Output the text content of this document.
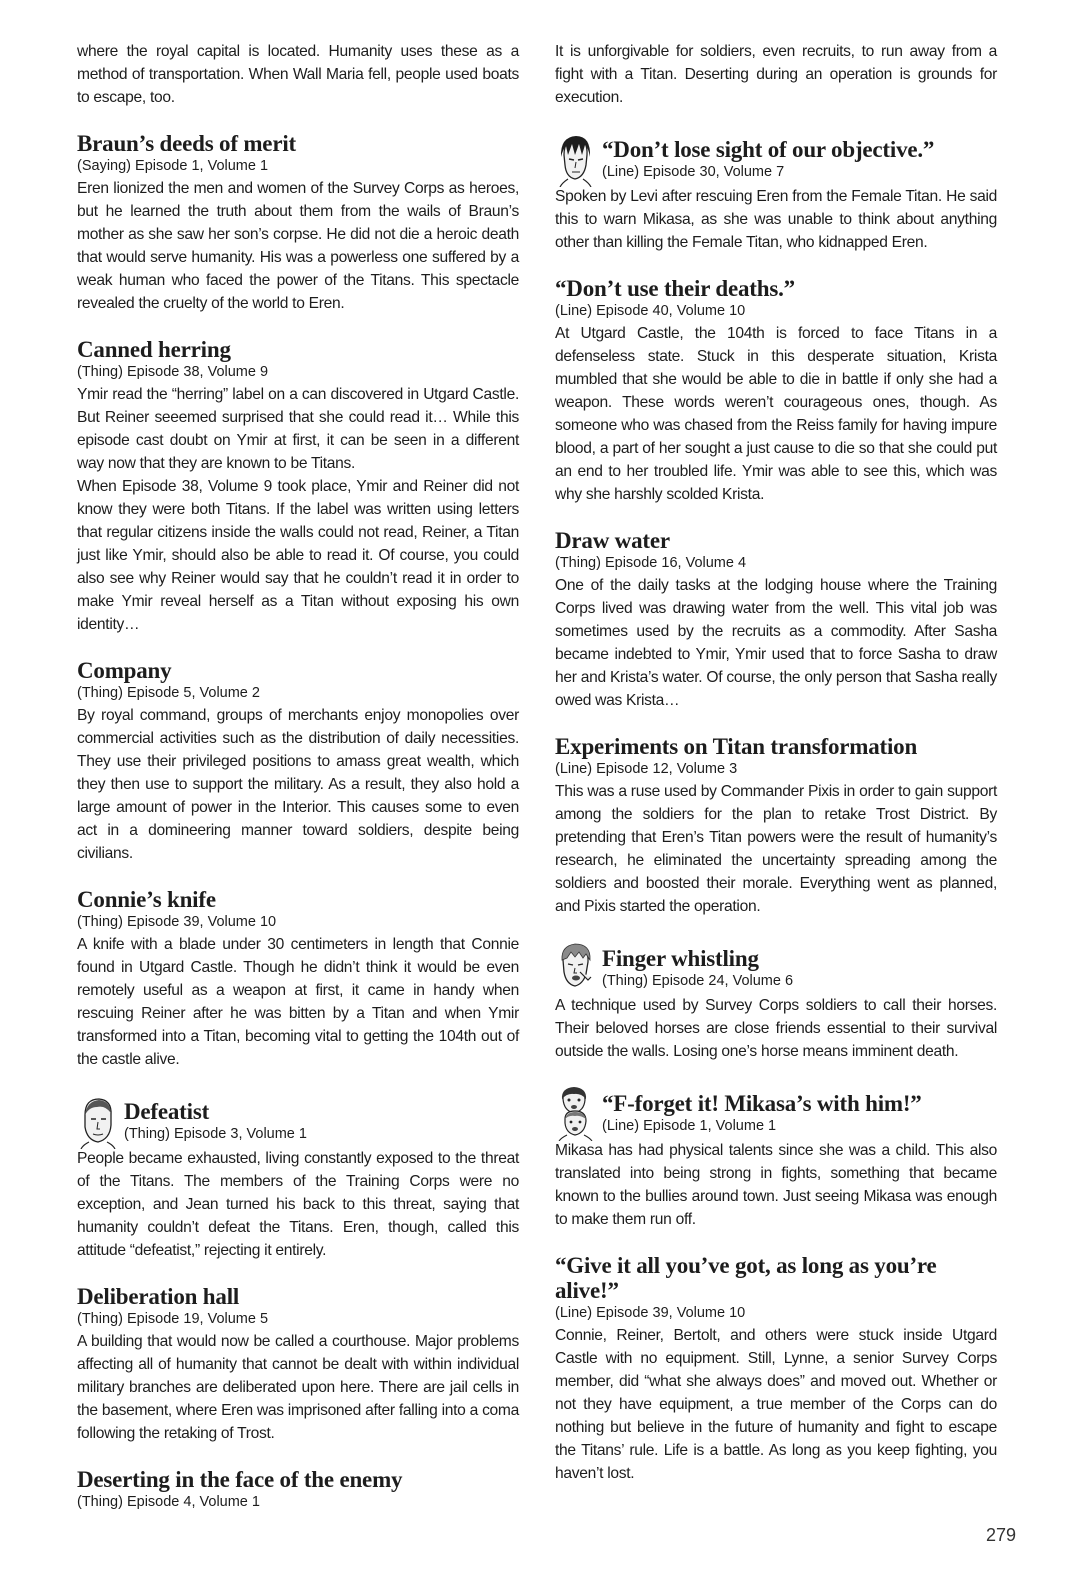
where the royal capital is located. Humanity uses these as a method of transportation. When Wall Maria fell, people used boats to escape, too.

Braun’s deeds of merit
(Saying) Episode 1, Volume 1

Eren lionized the men and women of the Survey Corps as heroes, but he learned the truth about them from the wails of Braun’s mother as she saw her son’s corpse. He did not die a heroic death that would serve humanity. His was a powerless one suffered by a weak human who faced the power of the Titans. This spectacle revealed the cruelty of the world to Eren.

Canned herring
(Thing) Episode 38, Volume 9

Ymir read the “herring” label on a can discovered in Utgard Castle. But Reiner seeemed surprised that she could read it… While this episode cast doubt on Ymir at first, it can be seen in a different way now that they are known to be Titans.

When Episode 38, Volume 9 took place, Ymir and Reiner did not know they were both Titans. If the label was written using letters that regular citizens inside the walls could not read, Reiner, a Titan just like Ymir, should also be able to read it. Of course, you could also see why Reiner would say that he couldn’t read it in order to make Ymir reveal herself as a Titan without exposing his own identity…

Company
(Thing) Episode 5, Volume 2

By royal command, groups of merchants enjoy monopolies over commercial activities such as the distribution of daily necessities. They use their privileged positions to amass great wealth, which they then use to support the military. As a result, they also hold a large amount of power in the Interior. This causes some to even act in a domineering manner toward soldiers, despite being civilians.

Connie’s knife
(Thing) Episode 39, Volume 10

A knife with a blade under 30 centimeters in length that Connie found in Utgard Castle. Though he didn’t think it would be even remotely useful as a weapon at first, it came in handy when rescuing Reiner after he was bitten by a Titan and when Ymir transformed into a Titan, becoming vital to getting the 104th out of the castle alive.

Defeatist
(Thing) Episode 3, Volume 1

People became exhausted, living constantly exposed to the threat of the Titans. The members of the Training Corps were no exception, and Jean turned his back to this threat, saying that humanity couldn’t defeat the Titans. Eren, though, called this attitude “defeatist,” rejecting it entirely.

Deliberation hall
(Thing) Episode 19, Volume 5

A building that would now be called a courthouse. Major problems affecting all of humanity that cannot be dealt with within individual military branches are deliberated upon here. There are jail cells in the basement, where Eren was imprisoned after falling into a coma following the retaking of Trost.

Deserting in the face of the enemy
(Thing) Episode 4, Volume 1

It is unforgivable for soldiers, even recruits, to run away from a fight with a Titan. Deserting during an operation is grounds for execution.

“Don’t lose sight of our objective.”
(Line) Episode 30, Volume 7

Spoken by Levi after rescuing Eren from the Female Titan. He said this to warn Mikasa, as she was unable to think about anything other than killing the Female Titan, who kidnapped Eren.

“Don’t use their deaths.”
(Line) Episode 40, Volume 10

At Utgard Castle, the 104th is forced to face Titans in a defenseless state. Stuck in this desperate situation, Krista mumbled that she would be able to die in battle if only she had a weapon. These words weren’t courageous ones, though. As someone who was chased from the Reiss family for having impure blood, a part of her sought a just cause to die so that she could put an end to her troubled life. Ymir was able to see this, which was why she harshly scolded Krista.

Draw water
(Thing) Episode 16, Volume 4

One of the daily tasks at the lodging house where the Training Corps lived was drawing water from the well. This vital job was sometimes used by the recruits as a commodity. After Sasha became indebted to Ymir, Ymir used that to force Sasha to draw her and Krista’s water. Of course, the only person that Sasha really owed was Krista…

Experiments on Titan transformation
(Line) Episode 12, Volume 3

This was a ruse used by Commander Pixis in order to gain support among the soldiers for the plan to retake Trost District. By pretending that Eren’s Titan powers were the result of humanity’s research, he eliminated the uncertainty spreading among the soldiers and boosted their morale. Everything went as planned, and Pixis started the operation.

Finger whistling
(Thing) Episode 24, Volume 6

A technique used by Survey Corps soldiers to call their horses. Their beloved horses are close friends essential to their survival outside the walls. Losing one’s horse means imminent death.

“F-forget it! Mikasa’s with him!”
(Line) Episode 1, Volume 1

Mikasa has had physical talents since she was a child. This also translated into being strong in fights, something that became known to the bullies around town. Just seeing Mikasa was enough to make them run off.

“Give it all you’ve got, as long as you’re alive!”
(Line) Episode 39, Volume 10

Connie, Reiner, Bertolt, and others were stuck inside Utgard Castle with no equipment. Still, Lynne, a senior Survey Corps member, did “what she always does” and moved out. Whether or not they have equipment, a true member of the Corps can do nothing but believe in the future of humanity and fight to escape the Titans’ rule. Life is a battle. As long as you keep fighting, you haven’t lost.

279
